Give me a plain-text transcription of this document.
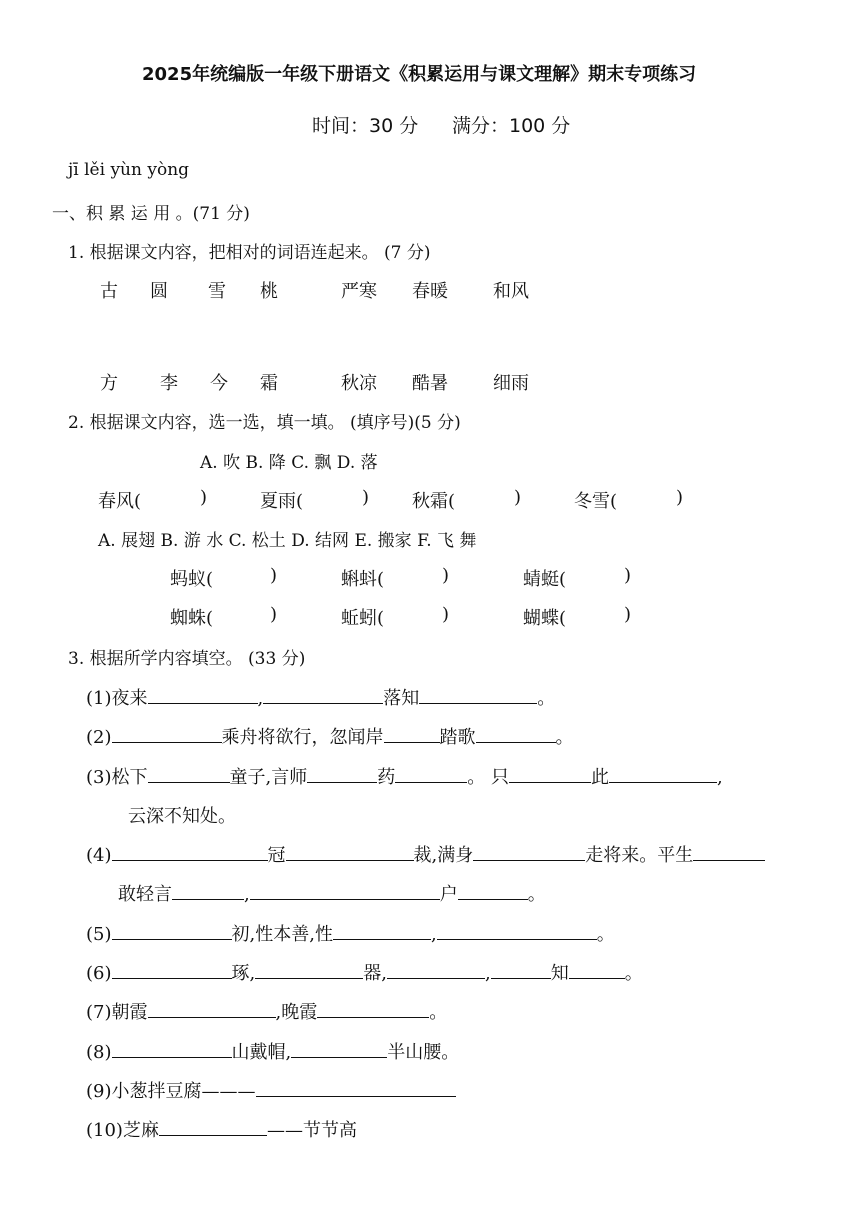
2025年统编版一年级下册语文《积累运用与课文理解》期末专项练习
时间：30 分 满分：100 分
jī lěi yùn yòng
一、积 累 运 用 。(71 分)
1. 根据课文内容，把相对的词语连起来。 (7 分)
古 圆 雪 桃	严寒 春暖	和风
方 李 今 霜	秋凉 酷暑	细雨
2. 根据课文内容，选一选，填一填。 (填序号)(5 分)
A. 吹 B. 降 C. 飘 D. 落
春风(	)	夏雨(	) 秋霜(	)	冬雪(	)
A. 展翅 B. 游 水 C. 松土 D. 结网 E. 搬家 F. 飞 舞
蚂蚁(	)	蝌蚪(	)	蜻蜓(	)
蜘蛛(	)	蚯蚓(	)	蝴蝶(	)
3. 根据所学内容填空。 (33 分)
(1)夜来	,	落知	。
(2)	乘舟将欲行，忽闻岸	踏歌	。
(3)松下	童子,言师	药	。 只	此	,
云深不知处。
(4)	冠	裁,满身	走将来。平生
敢轻言	,	户	。
(5)	初,性本善,性	,	。
(6)	琢,	器,	,	知	。
(7)朝霞	,晚霞	。
(8)	山戴帽,	半山腰。
(9)小葱拌豆腐———
(10)芝麻	——节节高
